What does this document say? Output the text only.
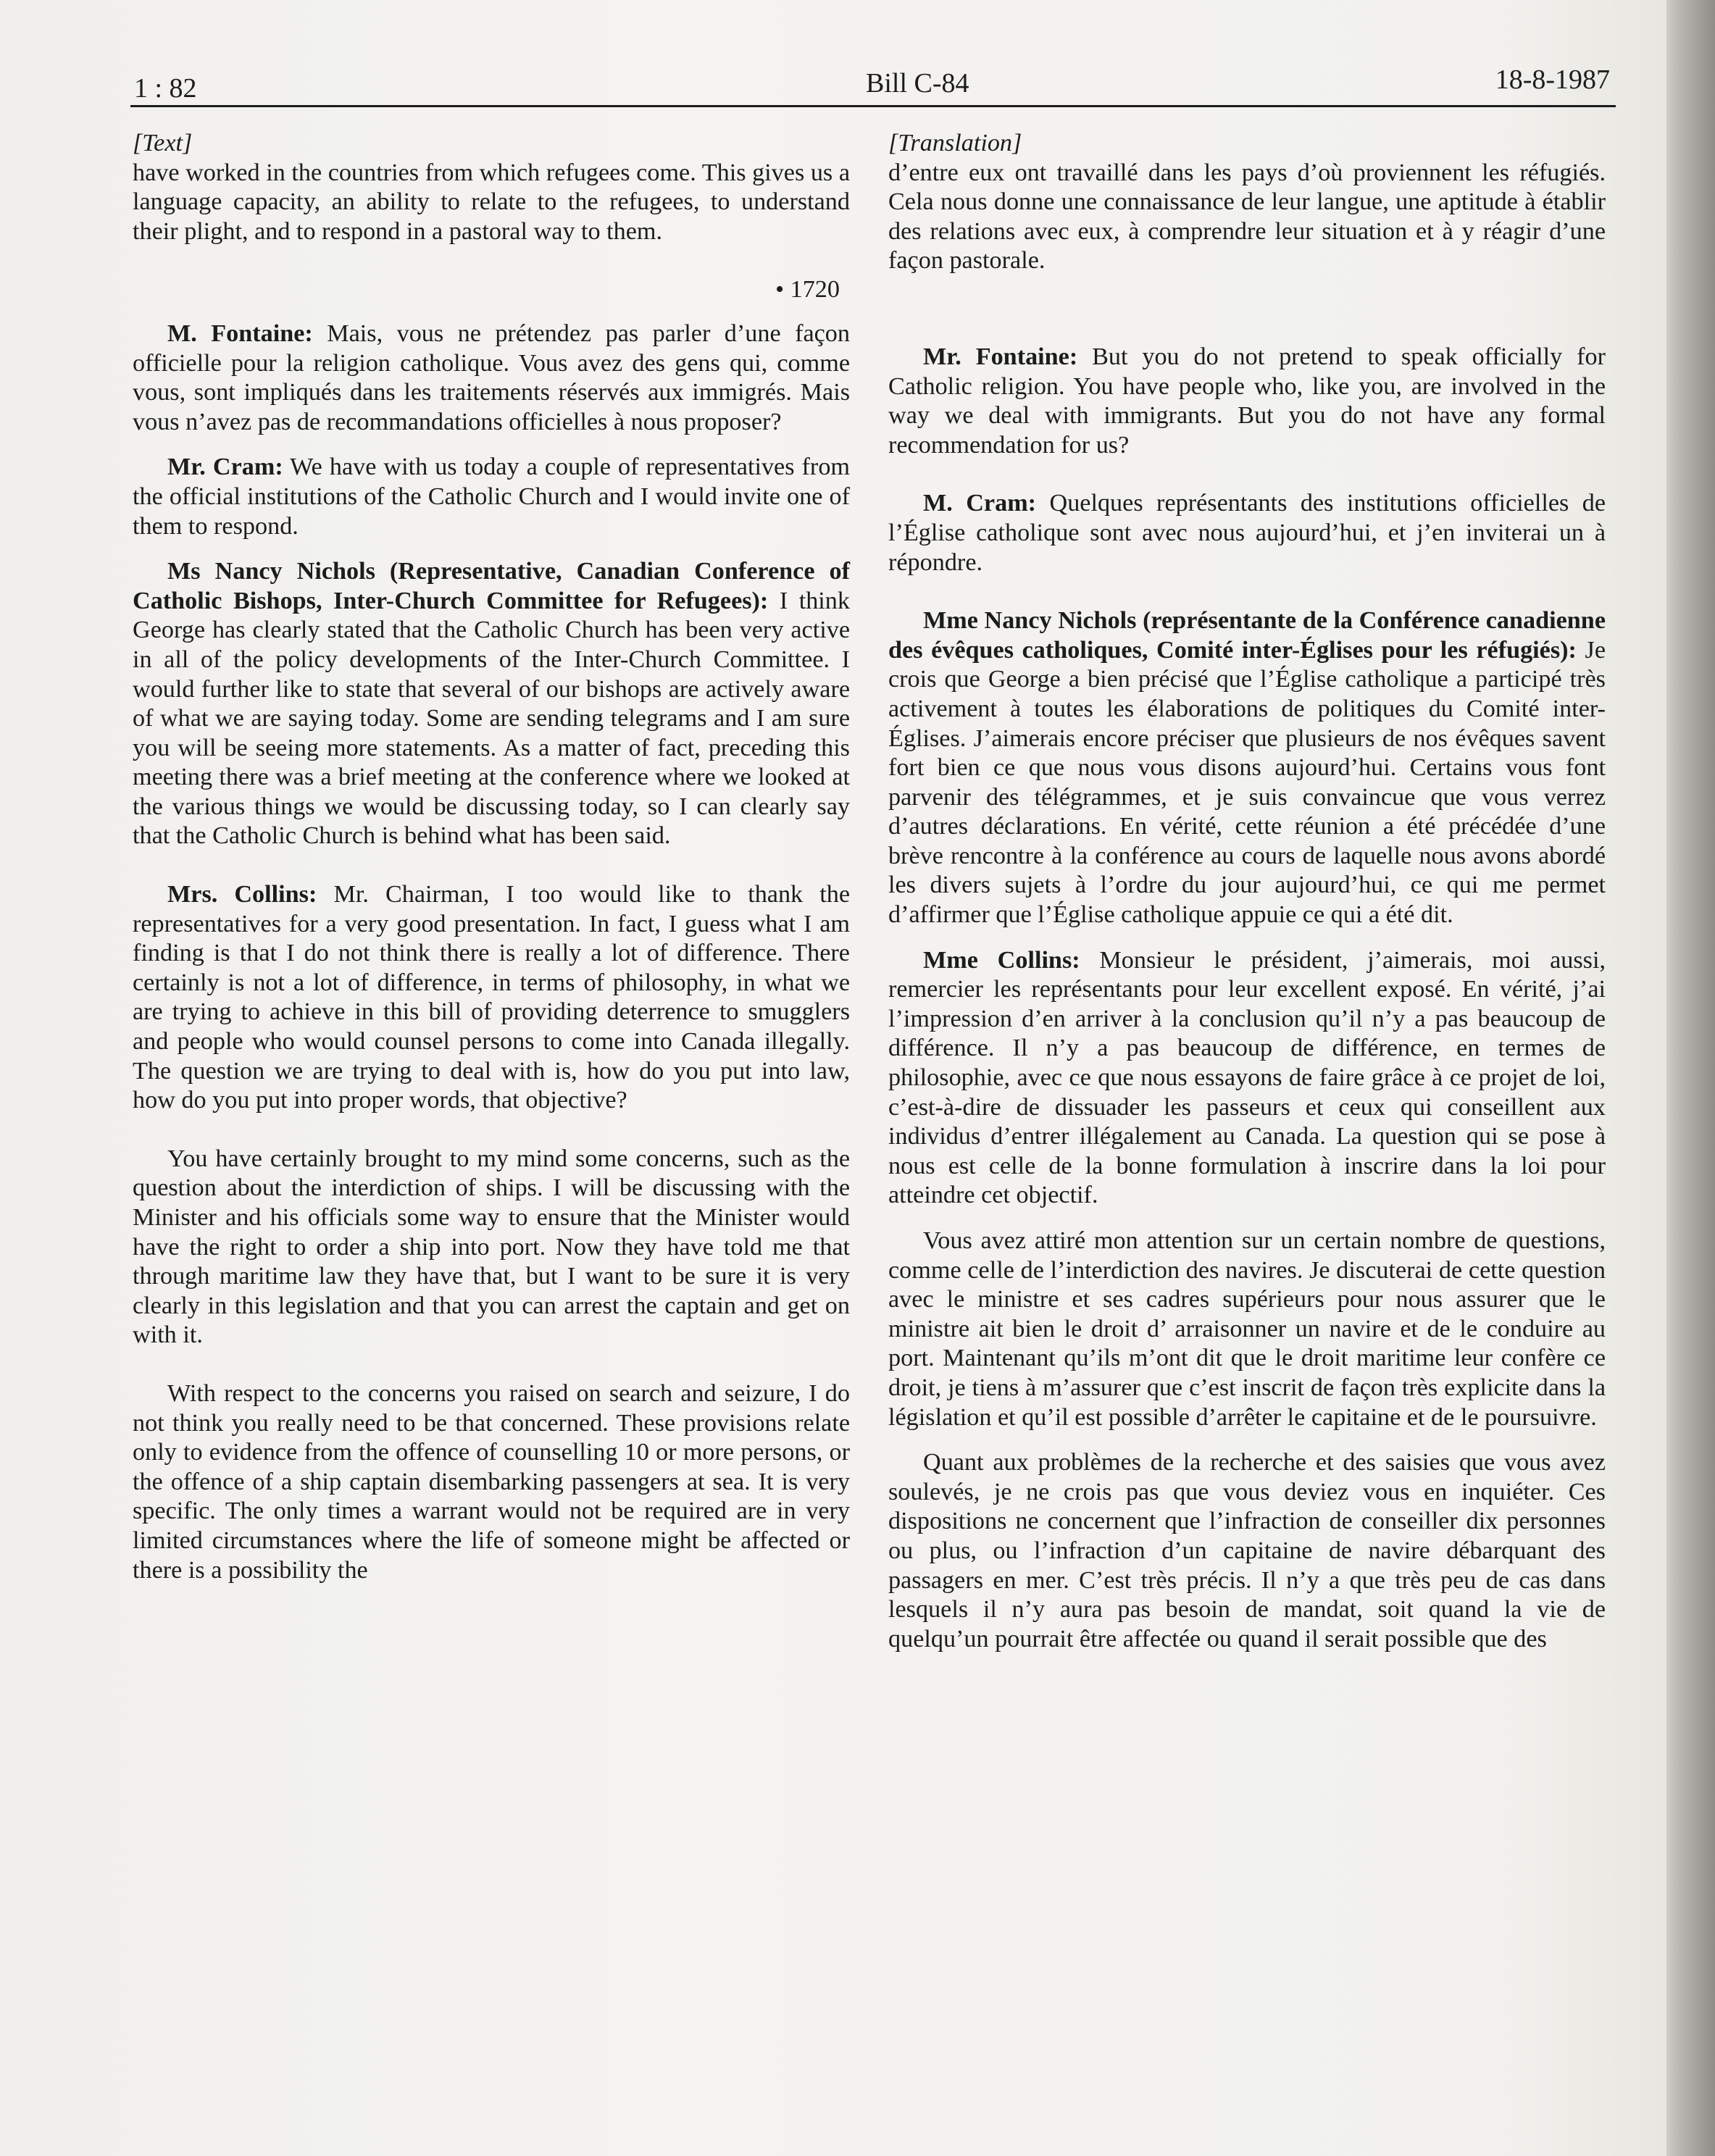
1 : 82	Bill C-84	18-8-1987

[Text]

have worked in the countries from which refugees come. This gives us a language capacity, an ability to relate to the refugees, to understand their plight, and to respond in a pastoral way to them.

• 1720

M. Fontaine: Mais, vous ne prétendez pas parler d’une façon officielle pour la religion catholique. Vous avez des gens qui, comme vous, sont impliqués dans les traitements réservés aux immigrés. Mais vous n’avez pas de recommandations officielles à nous proposer?

Mr. Cram: We have with us today a couple of representatives from the official institutions of the Catholic Church and I would invite one of them to respond.

Ms Nancy Nichols (Representative, Canadian Conference of Catholic Bishops, Inter-Church Committee for Refugees): I think George has clearly stated that the Catholic Church has been very active in all of the policy developments of the Inter-Church Committee. I would further like to state that several of our bishops are actively aware of what we are saying today. Some are sending telegrams and I am sure you will be seeing more statements. As a matter of fact, preceding this meeting there was a brief meeting at the conference where we looked at the various things we would be discussing today, so I can clearly say that the Catholic Church is behind what has been said.

Mrs. Collins: Mr. Chairman, I too would like to thank the representatives for a very good presentation. In fact, I guess what I am finding is that I do not think there is really a lot of difference. There certainly is not a lot of difference, in terms of philosophy, in what we are trying to achieve in this bill of providing deterrence to smugglers and people who would counsel persons to come into Canada illegally. The question we are trying to deal with is, how do you put into law, how do you put into proper words, that objective?

You have certainly brought to my mind some concerns, such as the question about the interdiction of ships. I will be discussing with the Minister and his officials some way to ensure that the Minister would have the right to order a ship into port. Now they have told me that through maritime law they have that, but I want to be sure it is very clearly in this legislation and that you can arrest the captain and get on with it.

With respect to the concerns you raised on search and seizure, I do not think you really need to be that concerned. These provisions relate only to evidence from the offence of counselling 10 or more persons, or the offence of a ship captain disembarking passengers at sea. It is very specific. The only times a warrant would not be required are in very limited circumstances where the life of someone might be affected or there is a possibility the

[Translation]

d’entre eux ont travaillé dans les pays d’où proviennent les réfugiés. Cela nous donne une connaissance de leur langue, une aptitude à établir des relations avec eux, à comprendre leur situation et à y réagir d’une façon pastorale.

Mr. Fontaine: But you do not pretend to speak officially for Catholic religion. You have people who, like you, are involved in the way we deal with immigrants. But you do not have any formal recommendation for us?

M. Cram: Quelques représentants des institutions officielles de l’Église catholique sont avec nous aujourd’hui, et j’en inviterai un à répondre.

Mme Nancy Nichols (représentante de la Conférence canadienne des évêques catholiques, Comité inter-Églises pour les réfugiés): Je crois que George a bien précisé que l’Église catholique a participé très activement à toutes les élaborations de politiques du Comité inter-Églises. J’aimerais encore préciser que plusieurs de nos évêques savent fort bien ce que nous vous disons aujourd’hui. Certains vous font parvenir des télégrammes, et je suis convaincue que vous verrez d’autres déclarations. En vérité, cette réunion a été précédée d’une brève rencontre à la conférence au cours de laquelle nous avons abordé les divers sujets à l’ordre du jour aujourd’hui, ce qui me permet d’affirmer que l’Église catholique appuie ce qui a été dit.

Mme Collins: Monsieur le président, j’aimerais, moi aussi, remercier les représentants pour leur excellent exposé. En vérité, j’ai l’impression d’en arriver à la conclusion qu’il n’y a pas beaucoup de différence. Il n’y a pas beaucoup de différence, en termes de philosophie, avec ce que nous essayons de faire grâce à ce projet de loi, c’est-à-dire de dissuader les passeurs et ceux qui conseillent aux individus d’entrer illégalement au Canada. La question qui se pose à nous est celle de la bonne formulation à inscrire dans la loi pour atteindre cet objectif.

Vous avez attiré mon attention sur un certain nombre de questions, comme celle de l’interdiction des navires. Je discuterai de cette question avec le ministre et ses cadres supérieurs pour nous assurer que le ministre ait bien le droit d’ arraisonner un navire et de le conduire au port. Maintenant qu’ils m’ont dit que le droit maritime leur confère ce droit, je tiens à m’assurer que c’est inscrit de façon très explicite dans la législation et qu’il est possible d’arrêter le capitaine et de le poursuivre.

Quant aux problèmes de la recherche et des saisies que vous avez soulevés, je ne crois pas que vous deviez vous en inquiéter. Ces dispositions ne concernent que l’infraction de conseiller dix personnes ou plus, ou l’infraction d’un capitaine de navire débarquant des passagers en mer. C’est très précis. Il n’y a que très peu de cas dans lesquels il n’y aura pas besoin de mandat, soit quand la vie de quelqu’un pourrait être affectée ou quand il serait possible que des
